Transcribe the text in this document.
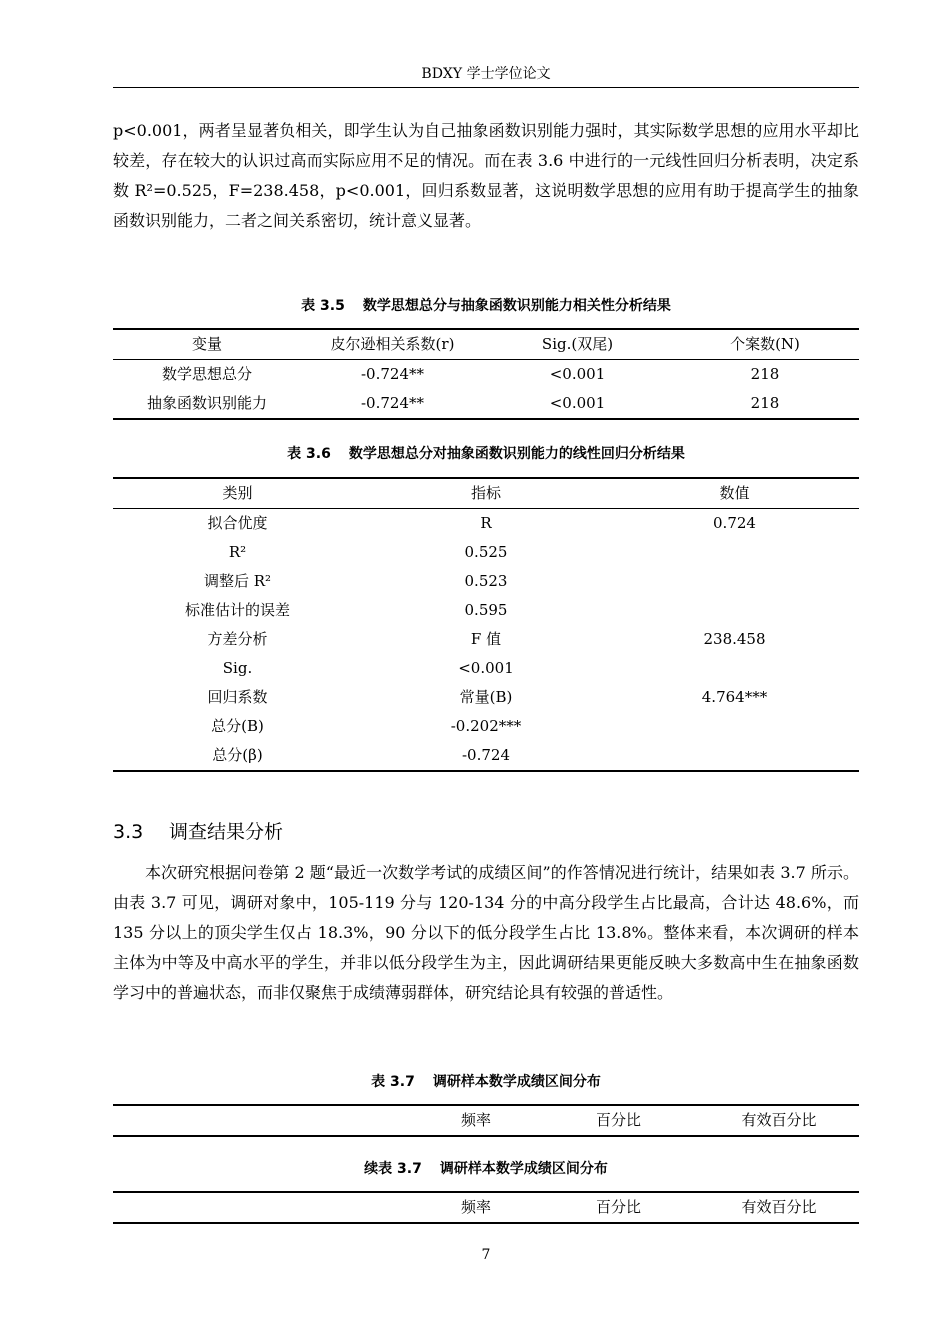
BDXY 学士学位论文

p<0.001，两者呈显著负相关，即学生认为自己抽象函数识别能力强时，其实际数学思想的应用水平却比较差，存在较大的认识过高而实际应用不足的情况。而在表 3.6 中进行的一元线性回归分析表明，决定系数 R²=0.525，F=238.458，p<0.001，回归系数显著，这说明数学思想的应用有助于提高学生的抽象函数识别能力，二者之间关系密切，统计意义显著。

表 3.5 数学思想总分与抽象函数识别能力相关性分析结果
变量	皮尔逊相关系数(r)	Sig.(双尾)	个案数(N)
数学思想总分	-0.724**	<0.001	218
抽象函数识别能力	-0.724**	<0.001	218
表 3.6 数学思想总分对抽象函数识别能力的线性回归分析结果
类别	指标	数值
拟合优度	R	0.724
R²	0.525	
调整后 R²	0.523	
标准估计的误差	0.595	
方差分析	F 值	238.458
Sig.	<0.001	
回归系数	常量(B)	4.764***
总分(B)	-0.202***	
总分(β)	-0.724	
3.3 调查结果分析

本次研究根据问卷第 2 题“最近一次数学考试的成绩区间”的作答情况进行统计，结果如表 3.7 所示。由表 3.7 可见，调研对象中，105-119 分与 120-134 分的中高分段学生占比最高，合计达 48.6%，而 135 分以上的顶尖学生仅占 18.3%，90 分以下的低分段学生占比 13.8%。整体来看，本次调研的样本主体为中等及中高水平的学生，并非以低分段学生为主，因此调研结果更能反映大多数高中生在抽象函数学习中的普遍状态，而非仅聚焦于成绩薄弱群体，研究结论具有较强的普适性。

表 3.7 调研样本数学成绩区间分布
	频率	百分比	有效百分比
续表 3.7 调研样本数学成绩区间分布
	频率	百分比	有效百分比
7
